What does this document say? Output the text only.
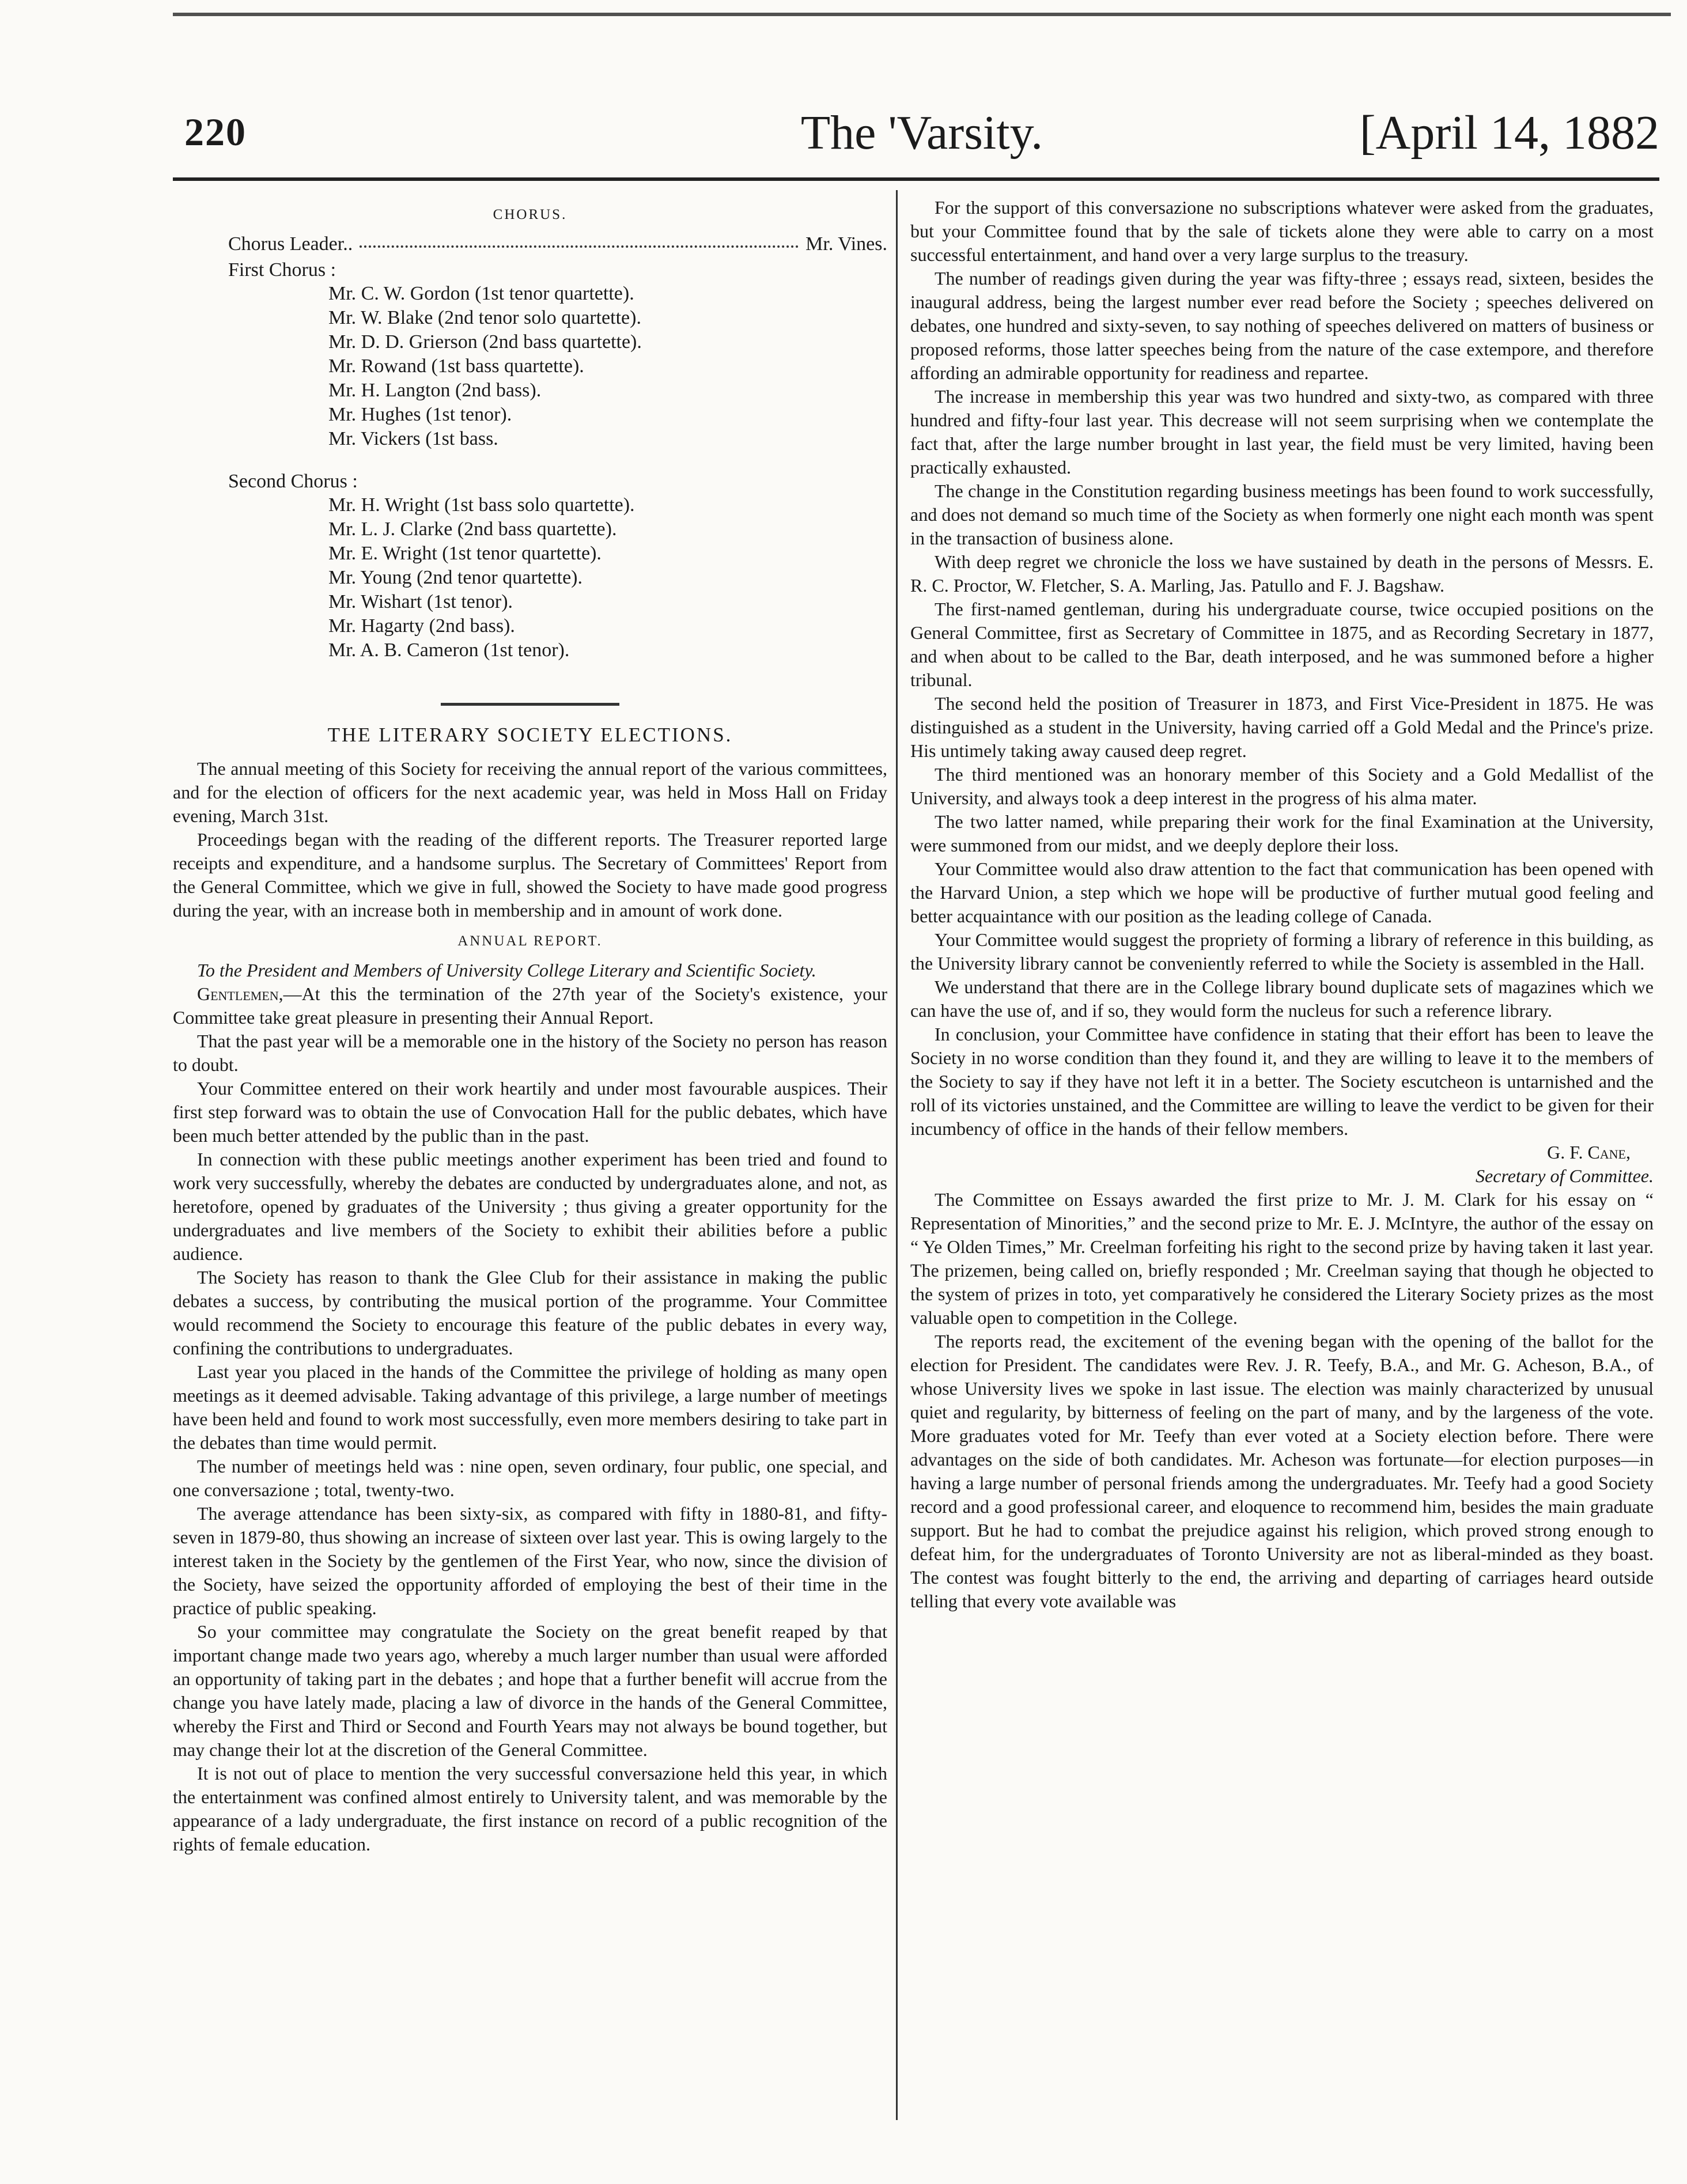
220	The 'Varsity.	[April 14, 1882

CHORUS.

Chorus Leader..	Mr. Vines.

First Chorus :

Mr. C. W. Gordon (1st tenor quartette).

Mr. W. Blake (2nd tenor solo quartette).

Mr. D. D. Grierson (2nd bass quartette).

Mr. Rowand (1st bass quartette).

Mr. H. Langton (2nd bass).

Mr. Hughes (1st tenor).

Mr. Vickers (1st bass.

Second Chorus :

Mr. H. Wright (1st bass solo quartette).

Mr. L. J. Clarke (2nd bass quartette).

Mr. E. Wright (1st tenor quartette).

Mr. Young (2nd tenor quartette).

Mr. Wishart (1st tenor).

Mr. Hagarty (2nd bass).

Mr. A. B. Cameron (1st tenor).

THE LITERARY SOCIETY ELECTIONS.

The annual meeting of this Society for receiving the annual report of the various committees, and for the election of officers for the next academic year, was held in Moss Hall on Friday evening, March 31st.

Proceedings began with the reading of the different reports. The Treasurer reported large receipts and expenditure, and a handsome surplus. The Secretary of Committees' Report from the General Committee, which we give in full, showed the Society to have made good progress during the year, with an increase both in membership and in amount of work done.

ANNUAL REPORT.

To the President and Members of University College Literary and Scientific Society.

Gentlemen,—At this the termination of the 27th year of the Society's existence, your Committee take great pleasure in presenting their Annual Report.

That the past year will be a memorable one in the history of the Society no person has reason to doubt.

Your Committee entered on their work heartily and under most favourable auspices. Their first step forward was to obtain the use of Convocation Hall for the public debates, which have been much better attended by the public than in the past.

In connection with these public meetings another experiment has been tried and found to work very successfully, whereby the debates are conducted by undergraduates alone, and not, as heretofore, opened by graduates of the University ; thus giving a greater opportunity for the undergraduates and live members of the Society to exhibit their abilities before a public audience.

The Society has reason to thank the Glee Club for their assistance in making the public debates a success, by contributing the musical portion of the programme. Your Committee would recommend the Society to encourage this feature of the public debates in every way, confining the contributions to undergraduates.

Last year you placed in the hands of the Committee the privilege of holding as many open meetings as it deemed advisable. Taking advantage of this privilege, a large number of meetings have been held and found to work most successfully, even more members desiring to take part in the debates than time would permit.

The number of meetings held was : nine open, seven ordinary, four public, one special, and one conversazione ; total, twenty-two.

The average attendance has been sixty-six, as compared with fifty in 1880-81, and fifty-seven in 1879-80, thus showing an increase of sixteen over last year. This is owing largely to the interest taken in the Society by the gentlemen of the First Year, who now, since the division of the Society, have seized the opportunity afforded of employing the best of their time in the practice of public speaking.

So your committee may congratulate the Society on the great benefit reaped by that important change made two years ago, whereby a much larger number than usual were afforded an opportunity of taking part in the debates ; and hope that a further benefit will accrue from the change you have lately made, placing a law of divorce in the hands of the General Committee, whereby the First and Third or Second and Fourth Years may not always be bound together, but may change their lot at the discretion of the General Committee.

It is not out of place to mention the very successful conversazione held this year, in which the entertainment was confined almost entirely to University talent, and was memorable by the appearance of a lady undergraduate, the first instance on record of a public recognition of the rights of female education.

For the support of this conversazione no subscriptions whatever were asked from the graduates, but your Committee found that by the sale of tickets alone they were able to carry on a most successful entertainment, and hand over a very large surplus to the treasury.

The number of readings given during the year was fifty-three ; essays read, sixteen, besides the inaugural address, being the largest number ever read before the Society ; speeches delivered on debates, one hundred and sixty-seven, to say nothing of speeches delivered on matters of business or proposed reforms, those latter speeches being from the nature of the case extempore, and therefore affording an admirable opportunity for readiness and repartee.

The increase in membership this year was two hundred and sixty-two, as compared with three hundred and fifty-four last year. This decrease will not seem surprising when we contemplate the fact that, after the large number brought in last year, the field must be very limited, having been practically exhausted.

The change in the Constitution regarding business meetings has been found to work successfully, and does not demand so much time of the Society as when formerly one night each month was spent in the transaction of business alone.

With deep regret we chronicle the loss we have sustained by death in the persons of Messrs. E. R. C. Proctor, W. Fletcher, S. A. Marling, Jas. Patullo and F. J. Bagshaw.

The first-named gentleman, during his undergraduate course, twice occupied positions on the General Committee, first as Secretary of Committee in 1875, and as Recording Secretary in 1877, and when about to be called to the Bar, death interposed, and he was summoned before a higher tribunal.

The second held the position of Treasurer in 1873, and First Vice-President in 1875. He was distinguished as a student in the University, having carried off a Gold Medal and the Prince's prize. His untimely taking away caused deep regret.

The third mentioned was an honorary member of this Society and a Gold Medallist of the University, and always took a deep interest in the progress of his alma mater.

The two latter named, while preparing their work for the final Examination at the University, were summoned from our midst, and we deeply deplore their loss.

Your Committee would also draw attention to the fact that communication has been opened with the Harvard Union, a step which we hope will be productive of further mutual good feeling and better acquaintance with our position as the leading college of Canada.

Your Committee would suggest the propriety of forming a library of reference in this building, as the University library cannot be conveniently referred to while the Society is assembled in the Hall.

We understand that there are in the College library bound duplicate sets of magazines which we can have the use of, and if so, they would form the nucleus for such a reference library.

In conclusion, your Committee have confidence in stating that their effort has been to leave the Society in no worse condition than they found it, and they are willing to leave it to the members of the Society to say if they have not left it in a better. The Society escutcheon is untarnished and the roll of its victories unstained, and the Committee are willing to leave the verdict to be given for their incumbency of office in the hands of their fellow members.

G. F. Cane,

Secretary of Committee.

The Committee on Essays awarded the first prize to Mr. J. M. Clark for his essay on “ Representation of Minorities,” and the second prize to Mr. E. J. McIntyre, the author of the essay on “ Ye Olden Times,” Mr. Creelman forfeiting his right to the second prize by having taken it last year. The prizemen, being called on, briefly responded ; Mr. Creelman saying that though he objected to the system of prizes in toto, yet comparatively he considered the Literary Society prizes as the most valuable open to competition in the College.

The reports read, the excitement of the evening began with the opening of the ballot for the election for President. The candidates were Rev. J. R. Teefy, B.A., and Mr. G. Acheson, B.A., of whose University lives we spoke in last issue. The election was mainly characterized by unusual quiet and regularity, by bitterness of feeling on the part of many, and by the largeness of the vote. More graduates voted for Mr. Teefy than ever voted at a Society election before. There were advantages on the side of both candidates. Mr. Acheson was fortunate—for election purposes—in having a large number of personal friends among the undergraduates. Mr. Teefy had a good Society record and a good professional career, and eloquence to recommend him, besides the main graduate support. But he had to combat the prejudice against his religion, which proved strong enough to defeat him, for the undergraduates of Toronto University are not as liberal-minded as they boast. The contest was fought bitterly to the end, the arriving and departing of carriages heard outside telling that every vote available was
